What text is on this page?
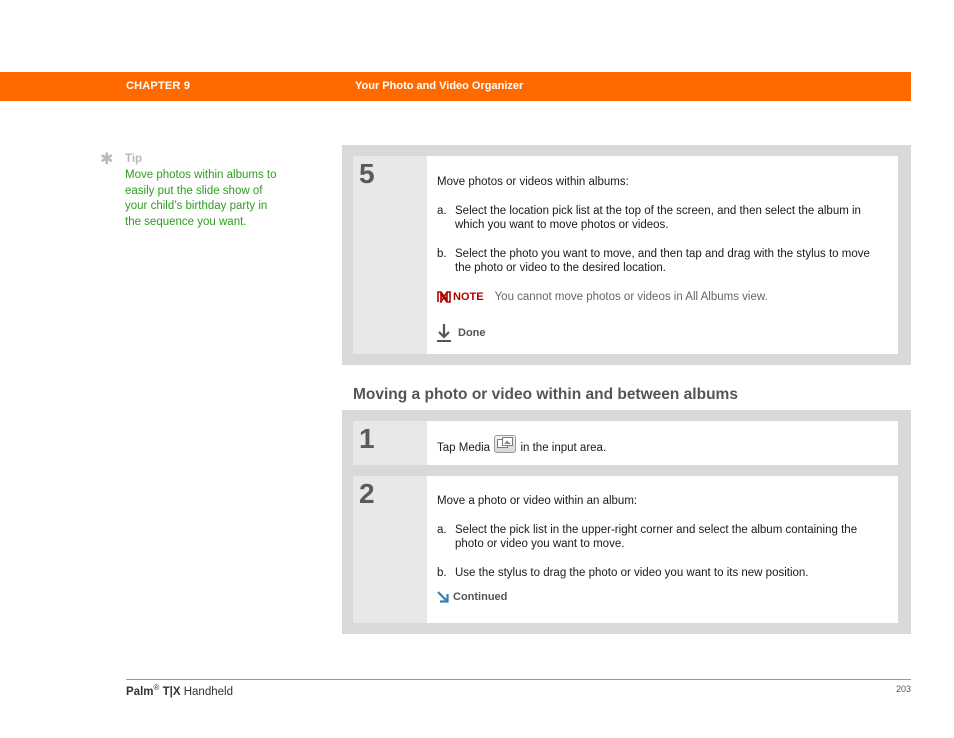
CHAPTER 9	Your Photo and Video Organizer
✱ Tip
Move photos within albums to easily put the slide show of your child’s birthday party in the sequence you want.
5	Move photos or videos within albums:
a. Select the location pick list at the top of the screen, and then select the album in which you want to move photos or videos.
b. Select the photo you want to move, and then tap and drag with the stylus to move the photo or video to the desired location.
NOTE You cannot move photos or videos in All Albums view.
Done
Moving a photo or video within and between albums
1	Tap Media	in the input area.
2	Move a photo or video within an album:
a. Select the pick list in the upper-right corner and select the album containing the photo or video you want to move.
b. Use the stylus to drag the photo or video you want to its new position.
Continued
Palm® T|X Handheld	203
